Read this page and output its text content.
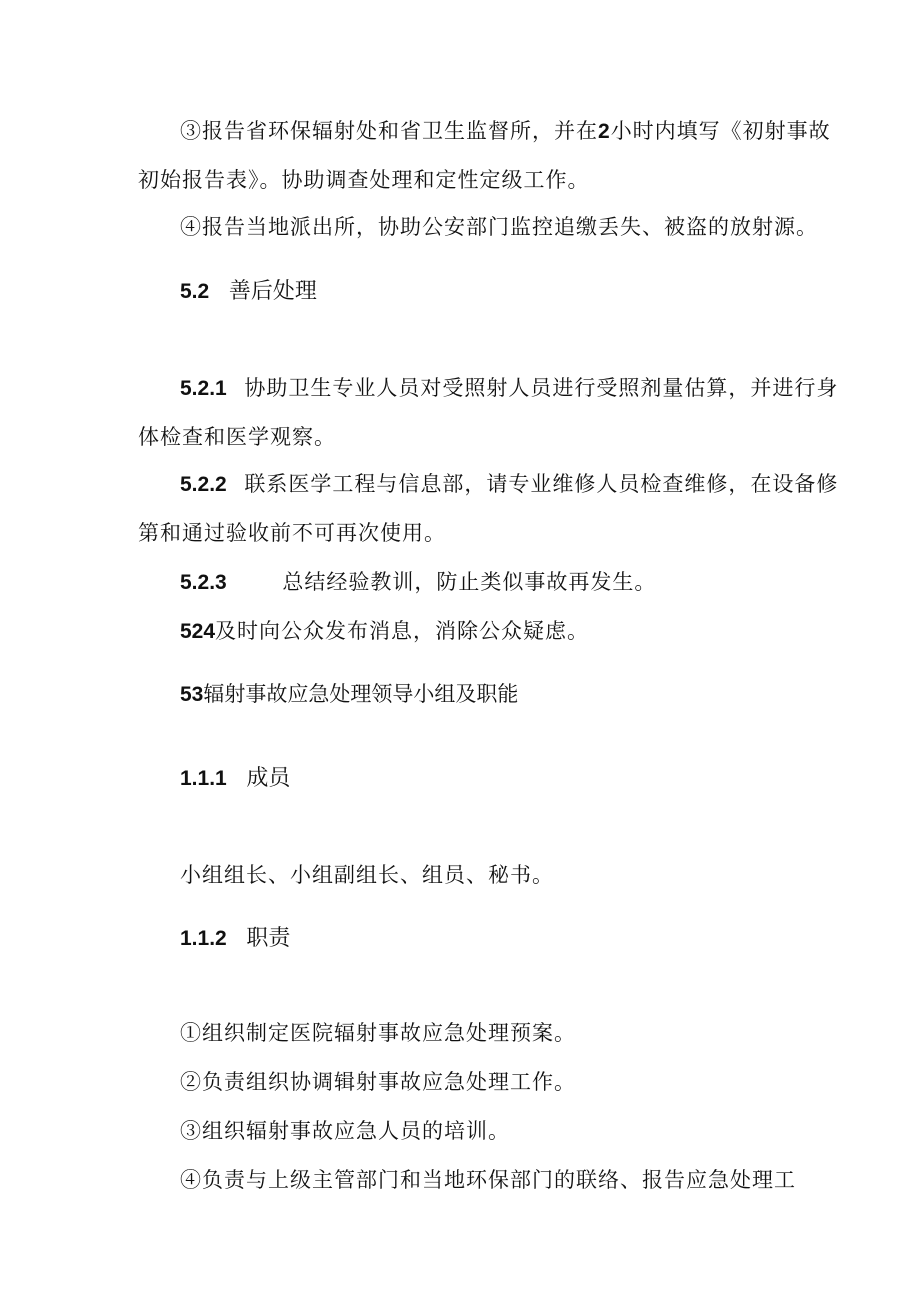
③报告省环保辐射处和省卫生监督所，并在2小时内填写《初射事故
初始报告表》。协助调查处理和定性定级工作。
④报告当地派出所，协助公安部门监控追缴丢失、被盗的放射源。
5.2 善后处理
5.2.1 协助卫生专业人员对受照射人员进行受照剂量估算，并进行身
体检查和医学观察。
5.2.2 联系医学工程与信息部，请专业维修人员检查维修，在设备修
第和通过验收前不可再次使用。
5.2.3	总结经验教训，防止类似事故再发生。
524及时向公众发布消息，消除公众疑虑。
53辐射事故应急处理领导小组及职能
1.1.1 成员
小组组长、小组副组长、组员、秘书。
1.1.2 职责
①组织制定医院辐射事故应急处理预案。
②负责组织协调辑射事故应急处理工作。
③组织辐射事故应急人员的培训。
④负责与上级主管部门和当地环保部门的联络、报告应急处理工
